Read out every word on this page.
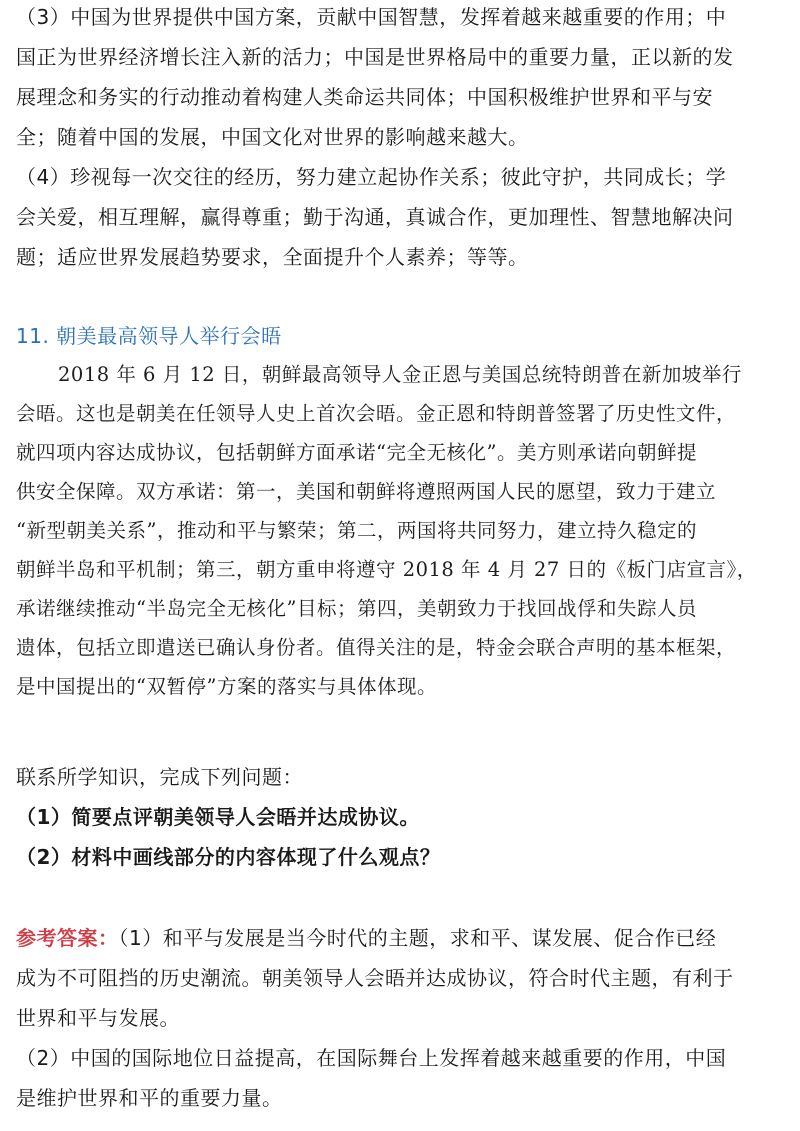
（3）中国为世界提供中国方案，贡献中国智慧，发挥着越来越重要的作用；中
国正为世界经济增长注入新的活力；中国是世界格局中的重要力量，正以新的发
展理念和务实的行动推动着构建人类命运共同体；中国积极维护世界和平与安
全；随着中国的发展，中国文化对世界的影响越来越大。
（4）珍视每一次交往的经历，努力建立起协作关系；彼此守护，共同成长；学
会关爱，相互理解，赢得尊重；勤于沟通，真诚合作，更加理性、智慧地解决问
题；适应世界发展趋势要求，全面提升个人素养；等等。
11. 朝美最高领导人举行会晤
2018 年 6 月 12 日，朝鲜最高领导人金正恩与美国总统特朗普在新加坡举行
会晤。这也是朝美在任领导人史上首次会晤。金正恩和特朗普签署了历史性文件，
就四项内容达成协议，包括朝鲜方面承诺“完全无核化”。美方则承诺向朝鲜提
供安全保障。双方承诺：第一，美国和朝鲜将遵照两国人民的愿望，致力于建立
“新型朝美关系”，推动和平与繁荣；第二，两国将共同努力，建立持久稳定的
朝鲜半岛和平机制；第三，朝方重申将遵守 2018 年 4 月 27 日的《板门店宣言》，
承诺继续推动“半岛完全无核化”目标；第四，美朝致力于找回战俘和失踪人员
遗体，包括立即遣送已确认身份者。值得关注的是，特金会联合声明的基本框架，
是中国提出的“双暂停”方案的落实与具体体现。
联系所学知识，完成下列问题：
（1）简要点评朝美领导人会晤并达成协议。
（2）材料中画线部分的内容体现了什么观点？
参考答案：（1）和平与发展是当今时代的主题，求和平、谋发展、促合作已经
成为不可阻挡的历史潮流。朝美领导人会晤并达成协议，符合时代主题，有利于
世界和平与发展。
（2）中国的国际地位日益提高，在国际舞台上发挥着越来越重要的作用，中国
是维护世界和平的重要力量。
